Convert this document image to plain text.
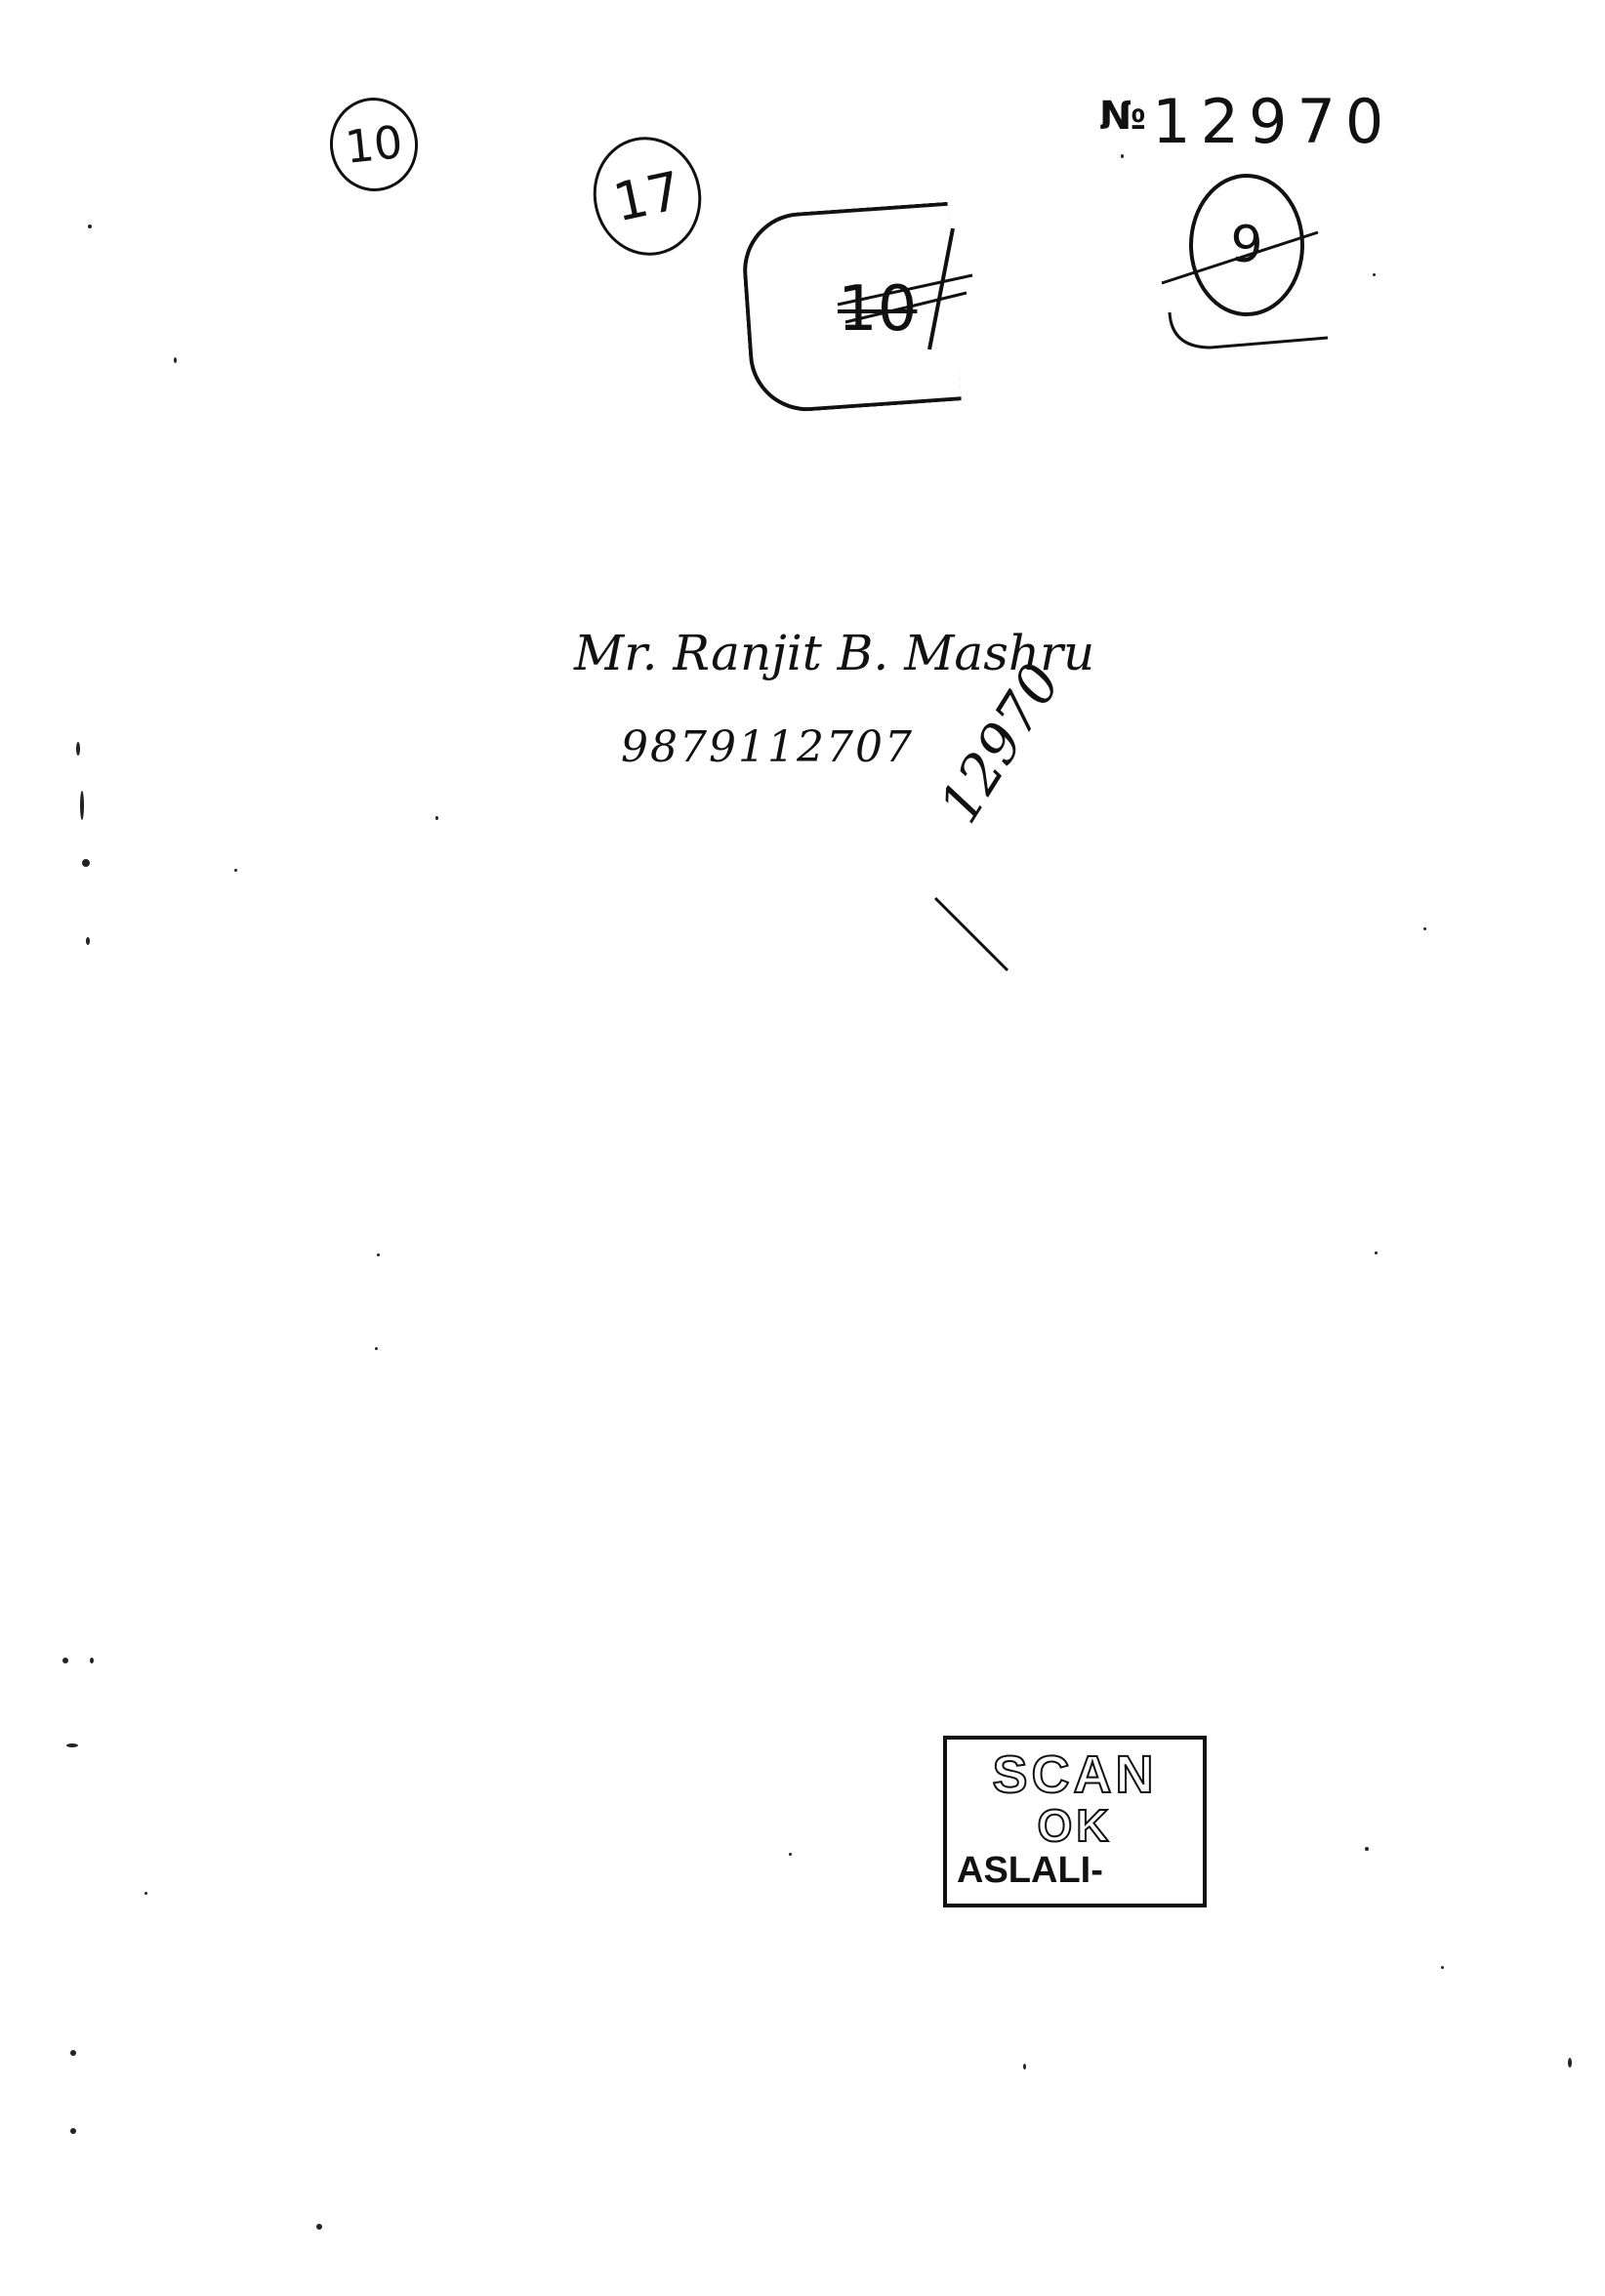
№12970
10
17
10
9
Mr. Ranjit B. Mashru
9879112707 12970
SCAN
OK
ASLALI-
